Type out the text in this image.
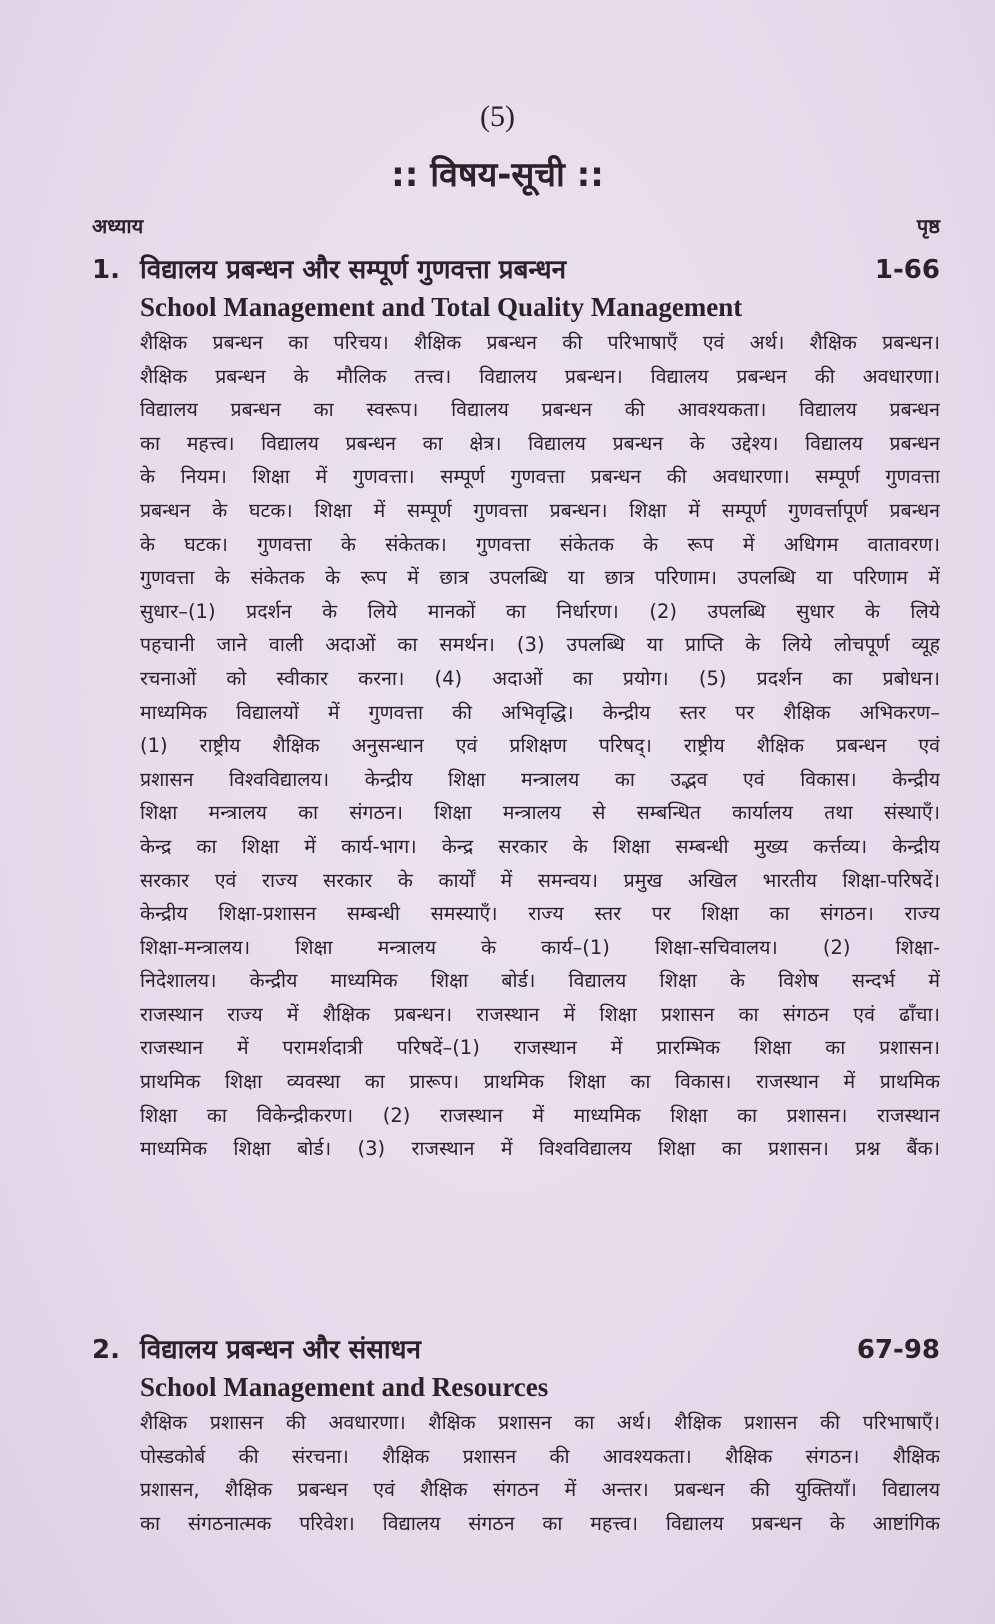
(5)
:: विषय-सूची ::
अध्याय	पृष्ठ
1. विद्यालय प्रबन्धन और सम्पूर्ण गुणवत्ता प्रबन्धन	1-66
School Management and Total Quality Management
शैक्षिक प्रबन्धन का परिचय। शैक्षिक प्रबन्धन की परिभाषाएँ एवं अर्थ। शैक्षिक प्रबन्धन।
शैक्षिक प्रबन्धन के मौलिक तत्त्व। विद्यालय प्रबन्धन। विद्यालय प्रबन्धन की अवधारणा।
विद्यालय प्रबन्धन का स्वरूप। विद्यालय प्रबन्धन की आवश्यकता। विद्यालय प्रबन्धन
का महत्त्व। विद्यालय प्रबन्धन का क्षेत्र। विद्यालय प्रबन्धन के उद्देश्य। विद्यालय प्रबन्धन
के नियम। शिक्षा में गुणवत्ता। सम्पूर्ण गुणवत्ता प्रबन्धन की अवधारणा। सम्पूर्ण गुणवत्ता
प्रबन्धन के घटक। शिक्षा में सम्पूर्ण गुणवत्ता प्रबन्धन। शिक्षा में सम्पूर्ण गुणवर्त्तापूर्ण प्रबन्धन
के घटक। गुणवत्ता के संकेतक। गुणवत्ता संकेतक के रूप में अधिगम वातावरण।
गुणवत्ता के संकेतक के रूप में छात्र उपलब्धि या छात्र परिणाम। उपलब्धि या परिणाम में
सुधार–(1) प्रदर्शन के लिये मानकों का निर्धारण। (2) उपलब्धि सुधार के लिये
पहचानी जाने वाली अदाओं का समर्थन। (3) उपलब्धि या प्राप्ति के लिये लोचपूर्ण व्यूह
रचनाओं को स्वीकार करना। (4) अदाओं का प्रयोग। (5) प्रदर्शन का प्रबोधन।
माध्यमिक विद्यालयों में गुणवत्ता की अभिवृद्धि। केन्द्रीय स्तर पर शैक्षिक अभिकरण–
(1) राष्ट्रीय शैक्षिक अनुसन्धान एवं प्रशिक्षण परिषद्। राष्ट्रीय शैक्षिक प्रबन्धन एवं
प्रशासन विश्वविद्यालय। केन्द्रीय शिक्षा मन्त्रालय का उद्भव एवं विकास। केन्द्रीय
शिक्षा मन्त्रालय का संगठन। शिक्षा मन्त्रालय से सम्बन्धित कार्यालय तथा संस्थाएँ।
केन्द्र का शिक्षा में कार्य-भाग। केन्द्र सरकार के शिक्षा सम्बन्धी मुख्य कर्त्तव्य। केन्द्रीय
सरकार एवं राज्य सरकार के कार्यों में समन्वय। प्रमुख अखिल भारतीय शिक्षा-परिषदें।
केन्द्रीय शिक्षा-प्रशासन सम्बन्धी समस्याएँ। राज्य स्तर पर शिक्षा का संगठन। राज्य
शिक्षा-मन्त्रालय। शिक्षा मन्त्रालय के कार्य–(1) शिक्षा-सचिवालय। (2) शिक्षा-
निदेशालय। केन्द्रीय माध्यमिक शिक्षा बोर्ड। विद्यालय शिक्षा के विशेष सन्दर्भ में
राजस्थान राज्य में शैक्षिक प्रबन्धन। राजस्थान में शिक्षा प्रशासन का संगठन एवं ढाँचा।
राजस्थान में परामर्शदात्री परिषदें–(1) राजस्थान में प्रारम्भिक शिक्षा का प्रशासन।
प्राथमिक शिक्षा व्यवस्था का प्रारूप। प्राथमिक शिक्षा का विकास। राजस्थान में प्राथमिक
शिक्षा का विकेन्द्रीकरण। (2) राजस्थान में माध्यमिक शिक्षा का प्रशासन। राजस्थान
माध्यमिक शिक्षा बोर्ड। (3) राजस्थान में विश्वविद्यालय शिक्षा का प्रशासन। प्रश्न बैंक।
2. विद्यालय प्रबन्धन और संसाधन	67-98
School Management and Resources
शैक्षिक प्रशासन की अवधारणा। शैक्षिक प्रशासन का अर्थ। शैक्षिक प्रशासन की परिभाषाएँ।
पोस्डकोर्ब की संरचना। शैक्षिक प्रशासन की आवश्यकता। शैक्षिक संगठन। शैक्षिक
प्रशासन, शैक्षिक प्रबन्धन एवं शैक्षिक संगठन में अन्तर। प्रबन्धन की युक्तियाँ। विद्यालय
का संगठनात्मक परिवेश। विद्यालय संगठन का महत्त्व। विद्यालय प्रबन्धन के आष्टांगिक
